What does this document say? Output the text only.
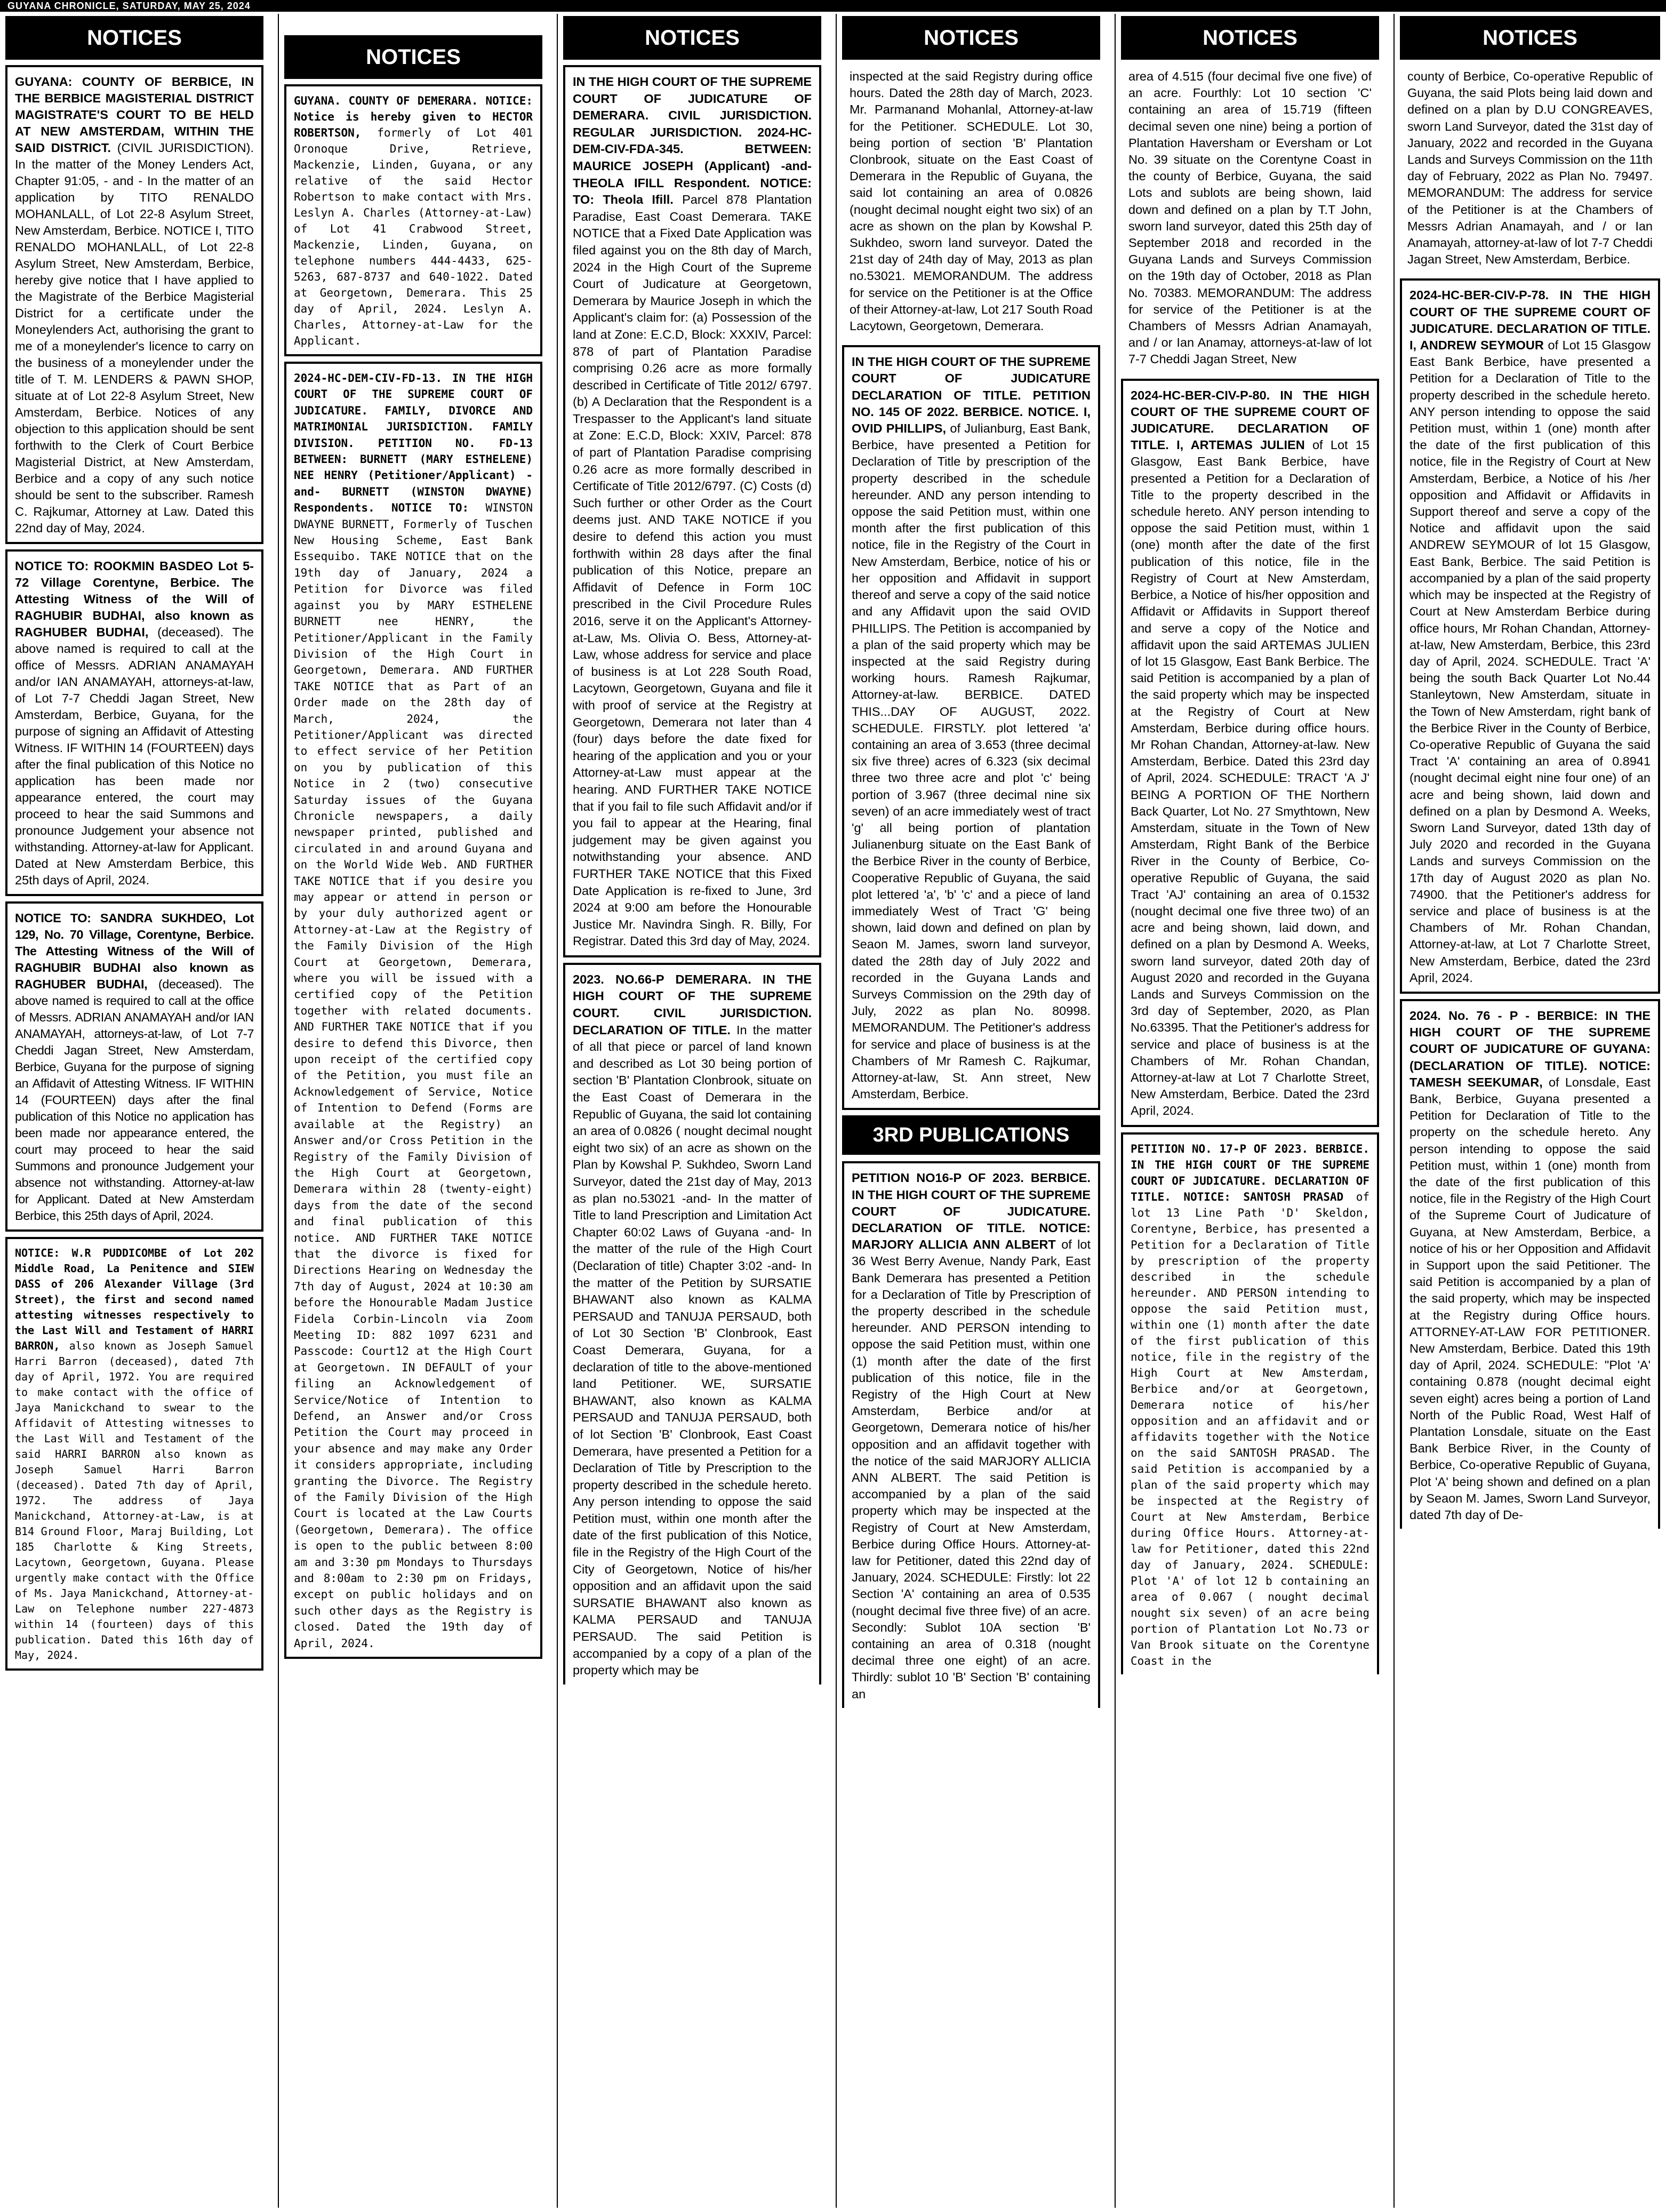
GUYANA CHRONICLE, SATURDAY, MAY 25, 2024
NOTICES
GUYANA: COUNTY OF BERBICE, IN THE BERBICE MAGISTERIAL DISTRICT MAGISTRATE'S COURT TO BE HELD AT NEW AMSTERDAM, WITHIN THE SAID DISTRICT. (CIVIL JURISDICTION). In the matter of the Money Lenders Act, Chapter 91:05, - and - In the matter of an application by TITO RENALDO MOHANLALL, of Lot 22-8 Asylum Street, New Amsterdam, Berbice. NOTICE I, TITO RENALDO MOHANLALL, of Lot 22-8 Asylum Street, New Amsterdam, Berbice, hereby give notice that I have applied to the Magistrate of the Berbice Magisterial District for a certificate under the Moneylenders Act, authorising the grant to me of a moneylender's licence to carry on the business of a moneylender under the title of T. M. LENDERS & PAWN SHOP, situate at of Lot 22-8 Asylum Street, New Amsterdam, Berbice. Notices of any objection to this application should be sent forthwith to the Clerk of Court Berbice Magisterial District, at New Amsterdam, Berbice and a copy of any such notice should be sent to the subscriber. Ramesh C. Rajkumar, Attorney at Law. Dated this 22nd day of May, 2024.
NOTICE TO: ROOKMIN BASDEO Lot 5-72 Village Corentyne, Berbice. The Attesting Witness of the Will of RAGHUBIR BUDHAI, also known as RAGHUBER BUDHAI, (deceased). The above named is required to call at the office of Messrs. ADRIAN ANAMAYAH and/or IAN ANAMAYAH, attorneys-at-law, of Lot 7-7 Cheddi Jagan Street, New Amsterdam, Berbice, Guyana, for the purpose of signing an Affidavit of Attesting Witness. IF WITHIN 14 (FOURTEEN) days after the final publication of this Notice no application has been made nor appearance entered, the court may proceed to hear the said Summons and pronounce Judgement your absence not withstanding. Attorney-at-law for Applicant. Dated at New Amsterdam Berbice, this 25th days of April, 2024.
NOTICE TO: SANDRA SUKHDEO, Lot 129, No. 70 Village, Corentyne, Berbice. The Attesting Witness of the Will of RAGHUBIR BUDHAI also known as RAGHUBER BUDHAI, (deceased). The above named is required to call at the office of Messrs. ADRIAN ANAMAYAH and/or IAN ANAMAYAH, attorneys-at-law, of Lot 7-7 Cheddi Jagan Street, New Amsterdam, Berbice, Guyana for the purpose of signing an Affidavit of Attesting Witness. IF WITHIN 14 (FOURTEEN) days after the final publication of this Notice no application has been made nor appearance entered, the court may proceed to hear the said Summons and pronounce Judgement your absence not withstanding. Attorney-at-law for Applicant. Dated at New Amsterdam Berbice, this 25th days of April, 2024.
NOTICE: W.R PUDDICOMBE of Lot 202 Middle Road, La Penitence and SIEW DASS of 206 Alexander Village (3rd Street), the first and second named attesting witnesses respectively to the Last Will and Testament of HARRI BARRON, also known as Joseph Samuel Harri Barron (deceased), dated 7th day of April, 1972. You are required to make contact with the office of Jaya Manickchand to swear to the Affidavit of Attesting witnesses to the Last Will and Testament of the said HARRI BARRON also known as Joseph Samuel Harri Barron (deceased). Dated 7th day of April, 1972. The address of Jaya Manickchand, Attorney-at-Law, is at B14 Ground Floor, Maraj Building, Lot 185 Charlotte & King Streets, Lacytown, Georgetown, Guyana. Please urgently make contact with the Office of Ms. Jaya Manickchand, Attorney-at-Law on Telephone number 227-4873 within 14 (fourteen) days of this publication. Dated this 16th day of May, 2024.
NOTICES
GUYANA. COUNTY OF DEMERARA. NOTICE: Notice is hereby given to HECTOR ROBERTSON, formerly of Lot 401 Oronoque Drive, Retrieve, Mackenzie, Linden, Guyana, or any relative of the said Hector Robertson to make contact with Mrs. Leslyn A. Charles (Attorney-at-Law) of Lot 41 Crabwood Street, Mackenzie, Linden, Guyana, on telephone numbers 444-4433, 625-5263, 687-8737 and 640-1022. Dated at Georgetown, Demerara. This 25 day of April, 2024. Leslyn A. Charles, Attorney-at-Law for the Applicant.
2024-HC-DEM-CIV-FD-13. IN THE HIGH COURT OF THE SUPREME COURT OF JUDICATURE. FAMILY, DIVORCE AND MATRIMONIAL JURISDICTION. FAMILY DIVISION. PETITION NO. FD-13 BETWEEN: BURNETT (MARY ESTHELENE) NEE HENRY (Petitioner/Applicant) - and- BURNETT (WINSTON DWAYNE) Respondents. NOTICE TO: WINSTON DWAYNE BURNETT, Formerly of Tuschen New Housing Scheme, East Bank Essequibo. TAKE NOTICE that on the 19th day of January, 2024 a Petition for Divorce was filed against you by MARY ESTHELENE BURNETT nee HENRY, the Petitioner/Applicant in the Family Division of the High Court in Georgetown, Demerara. AND FURTHER TAKE NOTICE that as Part of an Order made on the 28th day of March, 2024, the Petitioner/Applicant was directed to effect service of her Petition on you by publication of this Notice in 2 (two) consecutive Saturday issues of the Guyana Chronicle newspapers, a daily newspaper printed, published and circulated in and around Guyana and on the World Wide Web. AND FURTHER TAKE NOTICE that if you desire you may appear or attend in person or by your duly authorized agent or Attorney-at-Law at the Registry of the Family Division of the High Court at Georgetown, Demerara, where you will be issued with a certified copy of the Petition together with related documents. AND FURTHER TAKE NOTICE that if you desire to defend this Divorce, then upon receipt of the certified copy of the Petition, you must file an Acknowledgement of Service, Notice of Intention to Defend (Forms are available at the Registry) an Answer and/or Cross Petition in the Registry of the Family Division of the High Court at Georgetown, Demerara within 28 (twenty-eight) days from the date of the second and final publication of this notice. AND FURTHER TAKE NOTICE that the divorce is fixed for Directions Hearing on Wednesday the 7th day of August, 2024 at 10:30 am before the Honourable Madam Justice Fidela Corbin-Lincoln via Zoom Meeting ID: 882 1097 6231 and Passcode: Court12 at the High Court at Georgetown. IN DEFAULT of your filing an Acknowledgement of Service/Notice of Intention to Defend, an Answer and/or Cross Petition the Court may proceed in your absence and may make any Order it considers appropriate, including granting the Divorce. The Registry of the Family Division of the High Court is located at the Law Courts (Georgetown, Demerara). The office is open to the public between 8:00 am and 3:30 pm Mondays to Thursdays and 8:00am to 2:30 pm on Fridays, except on public holidays and on such other days as the Registry is closed. Dated the 19th day of April, 2024.
NOTICES
IN THE HIGH COURT OF THE SUPREME COURT OF JUDICATURE OF DEMERARA. CIVIL JURISDICTION. REGULAR JURISDICTION. 2024-HC-DEM-CIV-FDA-345. BETWEEN: MAURICE JOSEPH (Applicant) -and- THEOLA IFILL Respondent. NOTICE: TO: Theola Ifill. Parcel 878 Plantation Paradise, East Coast Demerara. TAKE NOTICE that a Fixed Date Application was filed against you on the 8th day of March, 2024 in the High Court of the Supreme Court of Judicature at Georgetown, Demerara by Maurice Joseph in which the Applicant's claim for: (a) Possession of the land at Zone: E.C.D, Block: XXXIV, Parcel: 878 of part of Plantation Paradise comprising 0.26 acre as more formally described in Certificate of Title 2012/ 6797. (b) A Declaration that the Respondent is a Trespasser to the Applicant's land situate at Zone: E.C.D, Block: XXIV, Parcel: 878 of part of Plantation Paradise comprising 0.26 acre as more formally described in Certificate of Title 2012/6797. (C) Costs (d) Such further or other Order as the Court deems just. AND TAKE NOTICE if you desire to defend this action you must forthwith within 28 days after the final publication of this Notice, prepare an Affidavit of Defence in Form 10C prescribed in the Civil Procedure Rules 2016, serve it on the Applicant's Attorney-at-Law, Ms. Olivia O. Bess, Attorney-at-Law, whose address for service and place of business is at Lot 228 South Road, Lacytown, Georgetown, Guyana and file it with proof of service at the Registry at Georgetown, Demerara not later than 4 (four) days before the date fixed for hearing of the application and you or your Attorney-at-Law must appear at the hearing. AND FURTHER TAKE NOTICE that if you fail to file such Affidavit and/or if you fail to appear at the Hearing, final judgement may be given against you notwithstanding your absence. AND FURTHER TAKE NOTICE that this Fixed Date Application is re-fixed to June, 3rd 2024 at 9:00 am before the Honourable Justice Mr. Navindra Singh. R. Billy, For Registrar. Dated this 3rd day of May, 2024.
2023. NO.66-P DEMERARA. IN THE HIGH COURT OF THE SUPREME COURT. CIVIL JURISDICTION. DECLARATION OF TITLE. In the matter of all that piece or parcel of land known and described as Lot 30 being portion of section 'B' Plantation Clonbrook, situate on the East Coast of Demerara in the Republic of Guyana, the said lot containing an area of 0.0826 ( nought decimal nought eight two six) of an acre as shown on the Plan by Kowshal P. Sukhdeo, Sworn Land Surveyor, dated the 21st day of May, 2013 as plan no.53021 -and- In the matter of Title to land Prescription and Limitation Act Chapter 60:02 Laws of Guyana -and- In the matter of the rule of the High Court (Declaration of title) Chapter 3:02 -and- In the matter of the Petition by SURSATIE BHAWANT also known as KALMA PERSAUD and TANUJA PERSAUD, both of Lot 30 Section 'B' Clonbrook, East Coast Demerara, Guyana, for a declaration of title to the above-mentioned land Petitioner. WE, SURSATIE BHAWANT, also known as KALMA PERSAUD and TANUJA PERSAUD, both of lot Section 'B' Clonbrook, East Coast Demerara, have presented a Petition for a Declaration of Title by Prescription to the property described in the schedule hereto. Any person intending to oppose the said Petition must, within one month after the date of the first publication of this Notice, file in the Registry of the High Court of the City of Georgetown, Notice of his/her opposition and an affidavit upon the said SURSATIE BHAWANT also known as KALMA PERSAUD and TANUJA PERSAUD. The said Petition is accompanied by a copy of a plan of the property which may be
NOTICES
inspected at the said Registry during office hours. Dated the 28th day of March, 2023. Mr. Parmanand Mohanlal, Attorney-at-law for the Petitioner. SCHEDULE. Lot 30, being portion of section 'B' Plantation Clonbrook, situate on the East Coast of Demerara in the Republic of Guyana, the said lot containing an area of 0.0826 (nought decimal nought eight two six) of an acre as shown on the plan by Kowshal P. Sukhdeo, sworn land surveyor. Dated the 21st day of 24th day of May, 2013 as plan no.53021. MEMORANDUM. The address for service on the Petitioner is at the Office of their Attorney-at-law, Lot 217 South Road Lacytown, Georgetown, Demerara.
IN THE HIGH COURT OF THE SUPREME COURT OF JUDICATURE DECLARATION OF TITLE. PETITION NO. 145 OF 2022. BERBICE. NOTICE. I, OVID PHILLIPS, of Julianburg, East Bank, Berbice, have presented a Petition for Declaration of Title by prescription of the property described in the schedule hereunder. AND any person intending to oppose the said Petition must, within one month after the first publication of this notice, file in the Registry of the Court in New Amsterdam, Berbice, notice of his or her opposition and Affidavit in support thereof and serve a copy of the said notice and any Affidavit upon the said OVID PHILLIPS. The Petition is accompanied by a plan of the said property which may be inspected at the said Registry during working hours. Ramesh Rajkumar, Attorney-at-law. BERBICE. DATED THIS...DAY OF AUGUST, 2022. SCHEDULE. FIRSTLY. plot lettered 'a' containing an area of 3.653 (three decimal six five three) acres of 6.323 (six decimal three two three acre and plot 'c' being portion of 3.967 (three decimal nine six seven) of an acre immediately west of tract 'g' all being portion of plantation Julianenburg situate on the East Bank of the Berbice River in the county of Berbice, Cooperative Republic of Guyana, the said plot lettered 'a', 'b' 'c' and a piece of land immediately West of Tract 'G' being shown, laid down and defined on plan by Seaon M. James, sworn land surveyor, dated the 28th day of July 2022 and recorded in the Guyana Lands and Surveys Commission on the 29th day of July, 2022 as plan No. 80998. MEMORANDUM. The Petitioner's address for service and place of business is at the Chambers of Mr Ramesh C. Rajkumar, Attorney-at-law, St. Ann street, New Amsterdam, Berbice.
3RD PUBLICATIONS
PETITION NO16-P OF 2023. BERBICE. IN THE HIGH COURT OF THE SUPREME COURT OF JUDICATURE. DECLARATION OF TITLE. NOTICE: MARJORY ALLICIA ANN ALBERT of lot 36 West Berry Avenue, Nandy Park, East Bank Demerara has presented a Petition for a Declaration of Title by Prescription of the property described in the schedule hereunder. AND PERSON intending to oppose the said Petition must, within one (1) month after the date of the first publication of this notice, file in the Registry of the High Court at New Amsterdam, Berbice and/or at Georgetown, Demerara notice of his/her opposition and an affidavit together with the notice of the said MARJORY ALLICIA ANN ALBERT. The said Petition is accompanied by a plan of the said property which may be inspected at the Registry of Court at New Amsterdam, Berbice during Office Hours. Attorney-at-law for Petitioner, dated this 22nd day of January, 2024. SCHEDULE: Firstly: lot 22 Section 'A' containing an area of 0.535 (nought decimal five three five) of an acre. Secondly: Sublot 10A section 'B' containing an area of 0.318 (nought decimal three one eight) of an acre. Thirdly: sublot 10 'B' Section 'B' containing an
NOTICES
area of 4.515 (four decimal five one five) of an acre. Fourthly: Lot 10 section 'C' containing an area of 15.719 (fifteen decimal seven one nine) being a portion of Plantation Haversham or Eversham or Lot No. 39 situate on the Corentyne Coast in the county of Berbice, Guyana, the said Lots and sublots are being shown, laid down and defined on a plan by T.T John, sworn land surveyor, dated this 25th day of September 2018 and recorded in the Guyana Lands and Surveys Commission on the 19th day of October, 2018 as Plan No. 70383. MEMORANDUM: The address for service of the Petitioner is at the Chambers of Messrs Adrian Anamayah, and / or Ian Anamay, attorneys-at-law of lot 7-7 Cheddi Jagan Street, New
2024-HC-BER-CIV-P-80. IN THE HIGH COURT OF THE SUPREME COURT OF JUDICATURE. DECLARATION OF TITLE. I, ARTEMAS JULIEN of Lot 15 Glasgow, East Bank Berbice, have presented a Petition for a Declaration of Title to the property described in the schedule hereto. ANY person intending to oppose the said Petition must, within 1 (one) month after the date of the first publication of this notice, file in the Registry of Court at New Amsterdam, Berbice, a Notice of his/her opposition and Affidavit or Affidavits in Support thereof and serve a copy of the Notice and affidavit upon the said ARTEMAS JULIEN of lot 15 Glasgow, East Bank Berbice. The said Petition is accompanied by a plan of the said property which may be inspected at the Registry of Court at New Amsterdam, Berbice during office hours. Mr Rohan Chandan, Attorney-at-law. New Amsterdam, Berbice. Dated this 23rd day of April, 2024. SCHEDULE: TRACT 'A J' BEING A PORTION OF THE Northern Back Quarter, Lot No. 27 Smythtown, New Amsterdam, situate in the Town of New Amsterdam, Right Bank of the Berbice River in the County of Berbice, Co-operative Republic of Guyana, the said Tract 'AJ' containing an area of 0.1532 (nought decimal one five three two) of an acre and being shown, laid down, and defined on a plan by Desmond A. Weeks, sworn land surveyor, dated 20th day of August 2020 and recorded in the Guyana Lands and Surveys Commission on the 3rd day of September, 2020, as Plan No.63395. That the Petitioner's address for service and place of business is at the Chambers of Mr. Rohan Chandan, Attorney-at-law at Lot 7 Charlotte Street, New Amsterdam, Berbice. Dated the 23rd April, 2024.
PETITION NO. 17-P OF 2023. BERBICE. IN THE HIGH COURT OF THE SUPREME COURT OF JUDICATURE. DECLARATION OF TITLE. NOTICE: SANTOSH PRASAD of lot 13 Line Path 'D' Skeldon, Corentyne, Berbice, has presented a Petition for a Declaration of Title by prescription of the property described in the schedule hereunder. AND PERSON intending to oppose the said Petition must, within one (1) month after the date of the first publication of this notice, file in the registry of the High Court at New Amsterdam, Berbice and/or at Georgetown, Demerara notice of his/her opposition and an affidavit and or affidavits together with the Notice on the said SANTOSH PRASAD. The said Petition is accompanied by a plan of the said property which may be inspected at the Registry of Court at New Amsterdam, Berbice during Office Hours. Attorney-at-law for Petitioner, dated this 22nd day of January, 2024. SCHEDULE: Plot 'A' of lot 12 b containing an area of 0.067 ( nought decimal nought six seven) of an acre being portion of Plantation Lot No.73 or Van Brook situate on the Corentyne Coast in the
NOTICES
county of Berbice, Co-operative Republic of Guyana, the said Plots being laid down and defined on a plan by D.U CONGREAVES, sworn Land Surveyor, dated the 31st day of January, 2022 and recorded in the Guyana Lands and Surveys Commission on the 11th day of February, 2022 as Plan No. 79497. MEMORANDUM: The address for service of the Petitioner is at the Chambers of Messrs Adrian Anamayah, and / or Ian Anamayah, attorney-at-law of lot 7-7 Cheddi Jagan Street, New Amsterdam, Berbice.
2024-HC-BER-CIV-P-78. IN THE HIGH COURT OF THE SUPREME COURT OF JUDICATURE. DECLARATION OF TITLE. I, ANDREW SEYMOUR of Lot 15 Glasgow East Bank Berbice, have presented a Petition for a Declaration of Title to the property described in the schedule hereto. ANY person intending to oppose the said Petition must, within 1 (one) month after the date of the first publication of this notice, file in the Registry of Court at New Amsterdam, Berbice, a Notice of his /her opposition and Affidavit or Affidavits in Support thereof and serve a copy of the Notice and affidavit upon the said ANDREW SEYMOUR of lot 15 Glasgow, East Bank, Berbice. The said Petition is accompanied by a plan of the said property which may be inspected at the Registry of Court at New Amsterdam Berbice during office hours, Mr Rohan Chandan, Attorney-at-law, New Amsterdam, Berbice, this 23rd day of April, 2024. SCHEDULE. Tract 'A' being the south Back Quarter Lot No.44 Stanleytown, New Amsterdam, situate in the Town of New Amsterdam, right bank of the Berbice River in the County of Berbice, Co-operative Republic of Guyana the said Tract 'A' containing an area of 0.8941 (nought decimal eight nine four one) of an acre and being shown, laid down and defined on a plan by Desmond A. Weeks, Sworn Land Surveyor, dated 13th day of July 2020 and recorded in the Guyana Lands and surveys Commission on the 17th day of August 2020 as plan No. 74900. that the Petitioner's address for service and place of business is at the Chambers of Mr. Rohan Chandan, Attorney-at-law, at Lot 7 Charlotte Street, New Amsterdam, Berbice, dated the 23rd April, 2024.
2024. No. 76 - P - BERBICE: IN THE HIGH COURT OF THE SUPREME COURT OF JUDICATURE OF GUYANA: (DECLARATION OF TITLE). NOTICE: TAMESH SEEKUMAR, of Lonsdale, East Bank, Berbice, Guyana presented a Petition for Declaration of Title to the property on the schedule hereto. Any person intending to oppose the said Petition must, within 1 (one) month from the date of the first publication of this notice, file in the Registry of the High Court of the Supreme Court of Judicature of Guyana, at New Amsterdam, Berbice, a notice of his or her Opposition and Affidavit in Support upon the said Petitioner. The said Petition is accompanied by a plan of the said property, which may be inspected at the Registry during Office hours. ATTORNEY-AT-LAW FOR PETITIONER. New Amsterdam, Berbice. Dated this 19th day of April, 2024. SCHEDULE: "Plot 'A' containing 0.878 (nought decimal eight seven eight) acres being a portion of Land North of the Public Road, West Half of Plantation Lonsdale, situate on the East Bank Berbice River, in the County of Berbice, Co-operative Republic of Guyana, Plot 'A' being shown and defined on a plan by Seaon M. James, Sworn Land Surveyor, dated 7th day of De-
